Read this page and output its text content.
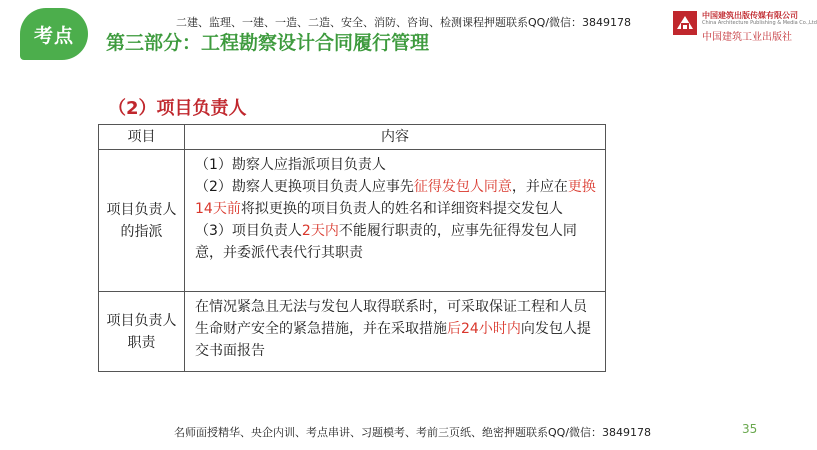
考点
二建、监理、一建、一造、二造、安全、消防、咨询、检测课程押题联系QQ/微信：3849178
第三部分：工程勘察设计合同履行管理
中国建筑出版传媒有限公司
China Architecture Publishing & Media Co.,Ltd
中国建筑工业出版社
（2）项目负责人
项目	内容
项目负责人的指派	（1）勘察人应指派项目负责人

（2）勘察人更换项目负责人应事先征得发包人同意，并应在更换14天前将拟更换的项目负责人的姓名和详细资料提交发包人

（3）项目负责人2天内不能履行职责的，应事先征得发包人同意，并委派代表代行其职责

项目负责人职责	在情况紧急且无法与发包人取得联系时，可采取保证工程和人员生命财产安全的紧急措施，并在采取措施后24小时内向发包人提交书面报告

名师面授精华、央企内训、考点串讲、习题模考、考前三页纸、绝密押题联系QQ/微信：3849178	35
